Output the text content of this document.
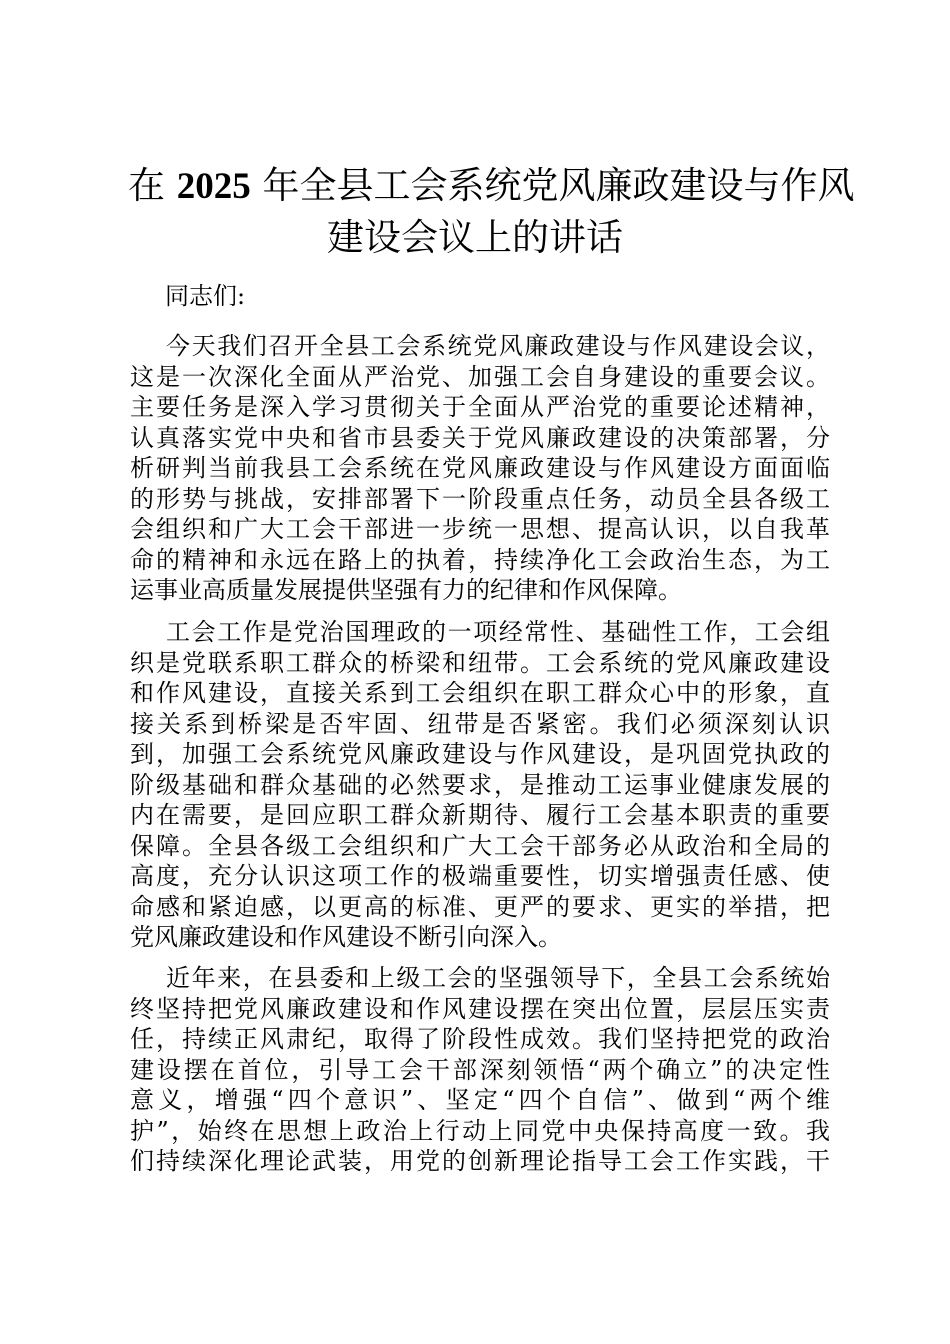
在 2025 年全县工会系统党风廉政建设与作风
建设会议上的讲话

同志们:

今天我们召开全县工会系统党风廉政建设与作风建设会议，
这是一次深化全面从严治党、加强工会自身建设的重要会议。
主要任务是深入学习贯彻关于全面从严治党的重要论述精神，
认真落实党中央和省市县委关于党风廉政建设的决策部署，分
析研判当前我县工会系统在党风廉政建设与作风建设方面面临
的形势与挑战，安排部署下一阶段重点任务，动员全县各级工
会组织和广大工会干部进一步统一思想、提高认识，以自我革
命的精神和永远在路上的执着，持续净化工会政治生态，为工
运事业高质量发展提供坚强有力的纪律和作风保障。

工会工作是党治国理政的一项经常性、基础性工作，工会组
织是党联系职工群众的桥梁和纽带。工会系统的党风廉政建设
和作风建设，直接关系到工会组织在职工群众心中的形象，直
接关系到桥梁是否牢固、纽带是否紧密。我们必须深刻认识
到，加强工会系统党风廉政建设与作风建设，是巩固党执政的
阶级基础和群众基础的必然要求，是推动工运事业健康发展的
内在需要，是回应职工群众新期待、履行工会基本职责的重要
保障。全县各级工会组织和广大工会干部务必从政治和全局的
高度，充分认识这项工作的极端重要性，切实增强责任感、使
命感和紧迫感，以更高的标准、更严的要求、更实的举措，把
党风廉政建设和作风建设不断引向深入。

近年来，在县委和上级工会的坚强领导下，全县工会系统始
终坚持把党风廉政建设和作风建设摆在突出位置，层层压实责
任，持续正风肃纪，取得了阶段性成效。我们坚持把党的政治
建设摆在首位，引导工会干部深刻领悟“两个确立”的决定性
意义，增强“四个意识”、坚定“四个自信”、做到“两个维
护”，始终在思想上政治上行动上同党中央保持高度一致。我
们持续深化理论武装，用党的创新理论指导工会工作实践，干
